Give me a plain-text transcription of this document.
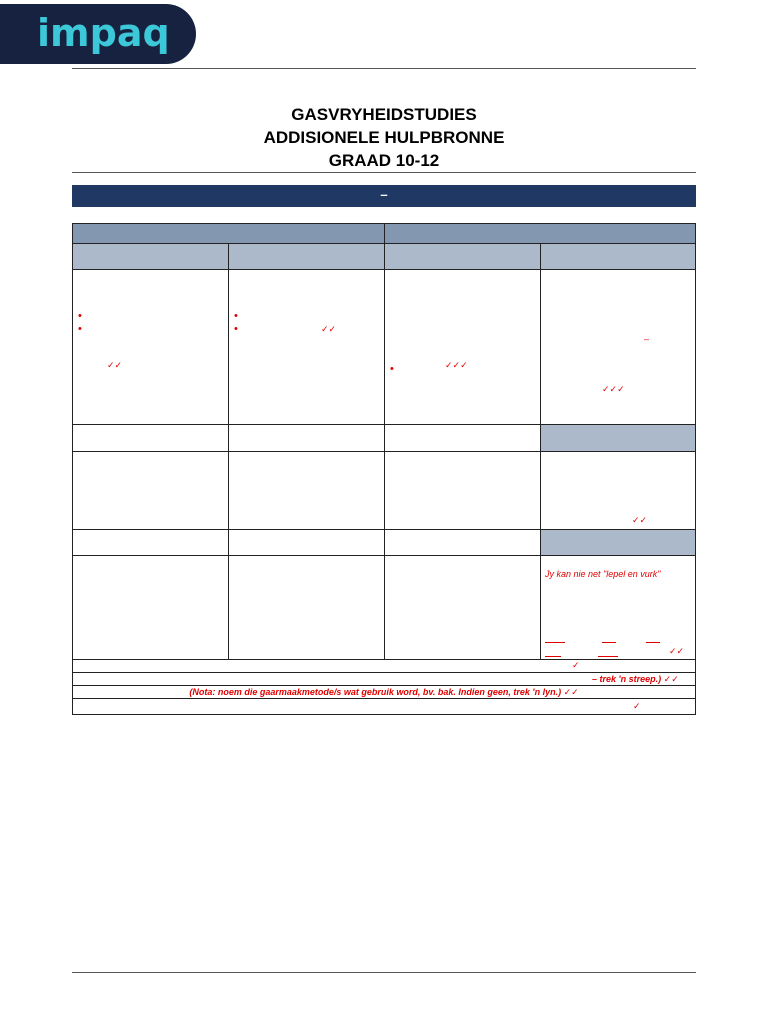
impaq
GASVRYHEIDSTUDIES
ADDISIONELE HULPBRONNE
GRAAD 10-12
–
•
•
✓✓
•
•	✓✓
•	✓✓✓
–
✓✓✓
✓✓
Jy kan nie net "lepel en vurk"
✓✓
✓
– trek 'n streep.) ✓✓
(Nota: noem die gaarmaakmetode/s wat gebruik word, bv. bak. Indien geen, trek 'n lyn.) ✓✓
✓
